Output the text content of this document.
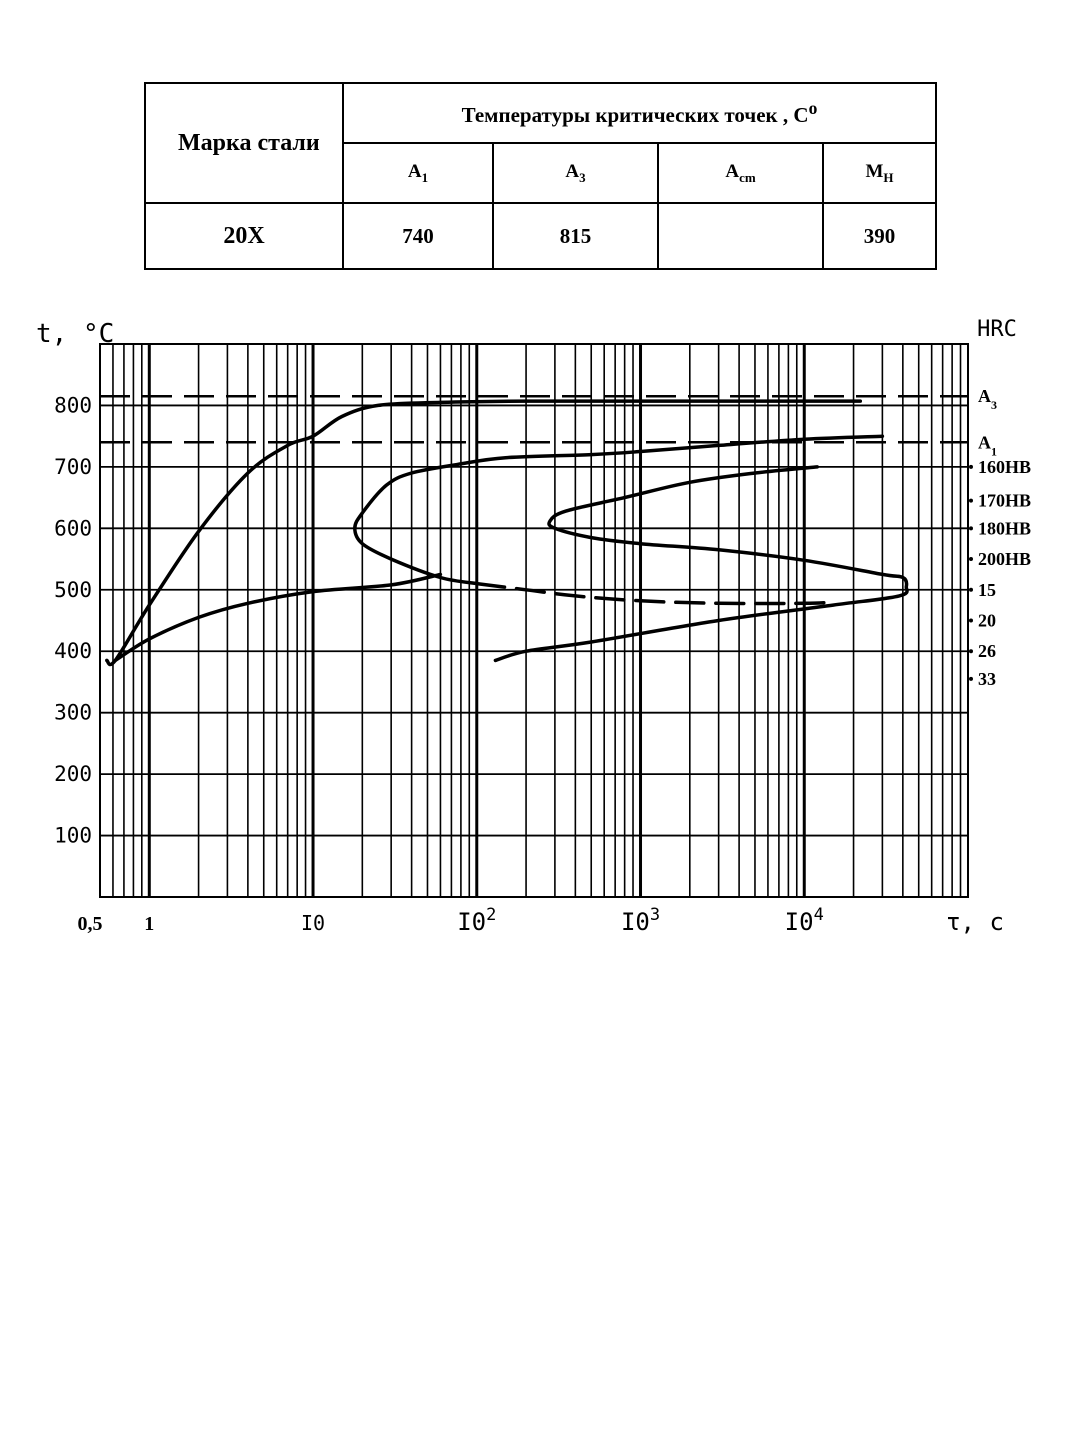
Марка стали	Температуры критических точек , $C^o$
	$A_1$	$A_3$	$A_{cm}$	$M_H$
20X	740	815		390
100
200
300
400
500
600
700
800
t, °C
0,5 1	I0	$I0^2$	$I0^3$	$I0^4$	τ, c
HRC
$A_3$
$A_1$
160HB
170HB
180HB
200HB
15
20
26
33
